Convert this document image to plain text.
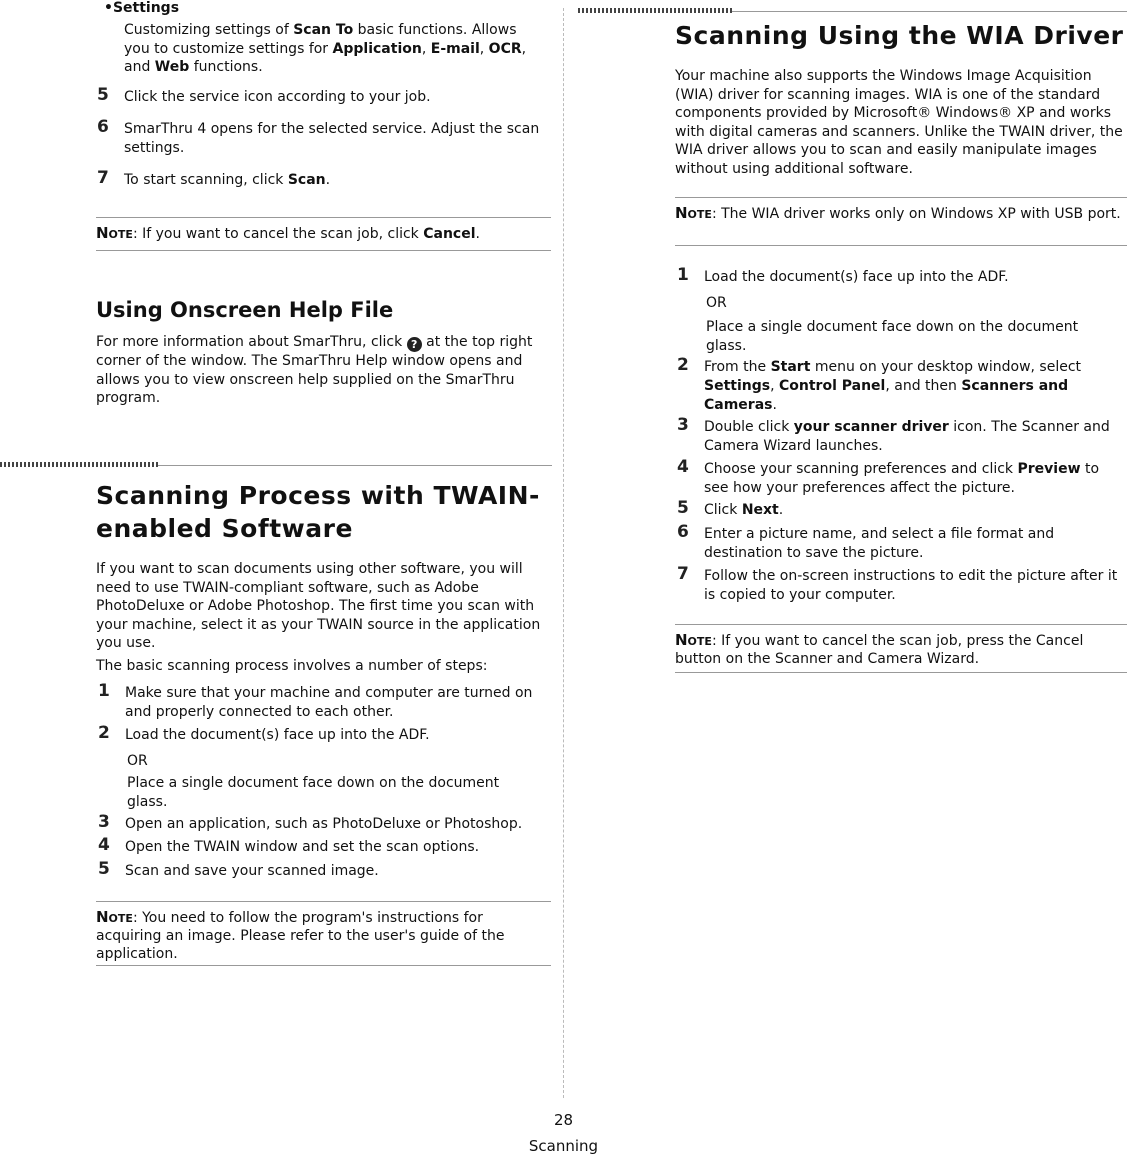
•Settings

Customizing settings of Scan To basic functions. Allows you to customize settings for Application, E-mail, OCR, and Web functions.

5 Click the service icon according to your job.
6 SmarThru 4 opens for the selected service. Adjust the scan settings.
7 To start scanning, click Scan.
Note: If you want to cancel the scan job, click Cancel.
Using Onscreen Help File

For more information about SmarThru, click ? at the top right corner of the window. The SmarThru Help window opens and allows you to view onscreen help supplied on the SmarThru program.

Scanning Process with TWAIN-enabled Software

If you want to scan documents using other software, you will need to use TWAIN-compliant software, such as Adobe PhotoDeluxe or Adobe Photoshop. The first time you scan with your machine, select it as your TWAIN source in the application you use.

The basic scanning process involves a number of steps:

1 Make sure that your machine and computer are turned on and properly connected to each other.
2 Load the document(s) face up into the ADF.

OR

Place a single document face down on the document glass.

3 Open an application, such as PhotoDeluxe or Photoshop.
4 Open the TWAIN window and set the scan options.
5 Scan and save your scanned image.
Note: You need to follow the program's instructions for acquiring an image. Please refer to the user's guide of the application.
Scanning Using the WIA Driver

Your machine also supports the Windows Image Acquisition (WIA) driver for scanning images. WIA is one of the standard components provided by Microsoft® Windows® XP and works with digital cameras and scanners. Unlike the TWAIN driver, the WIA driver allows you to scan and easily manipulate images without using additional software.

Note: The WIA driver works only on Windows XP with USB port.
1 Load the document(s) face up into the ADF.

OR

Place a single document face down on the document glass.

2 From the Start menu on your desktop window, select Settings, Control Panel, and then Scanners and Cameras.
3 Double click your scanner driver icon. The Scanner and Camera Wizard launches.
4 Choose your scanning preferences and click Preview to see how your preferences affect the picture.
5 Click Next.
6 Enter a picture name, and select a file format and destination to save the picture.
7 Follow the on-screen instructions to edit the picture after it is copied to your computer.
Note: If you want to cancel the scan job, press the Cancel button on the Scanner and Camera Wizard.
28
Scanning
